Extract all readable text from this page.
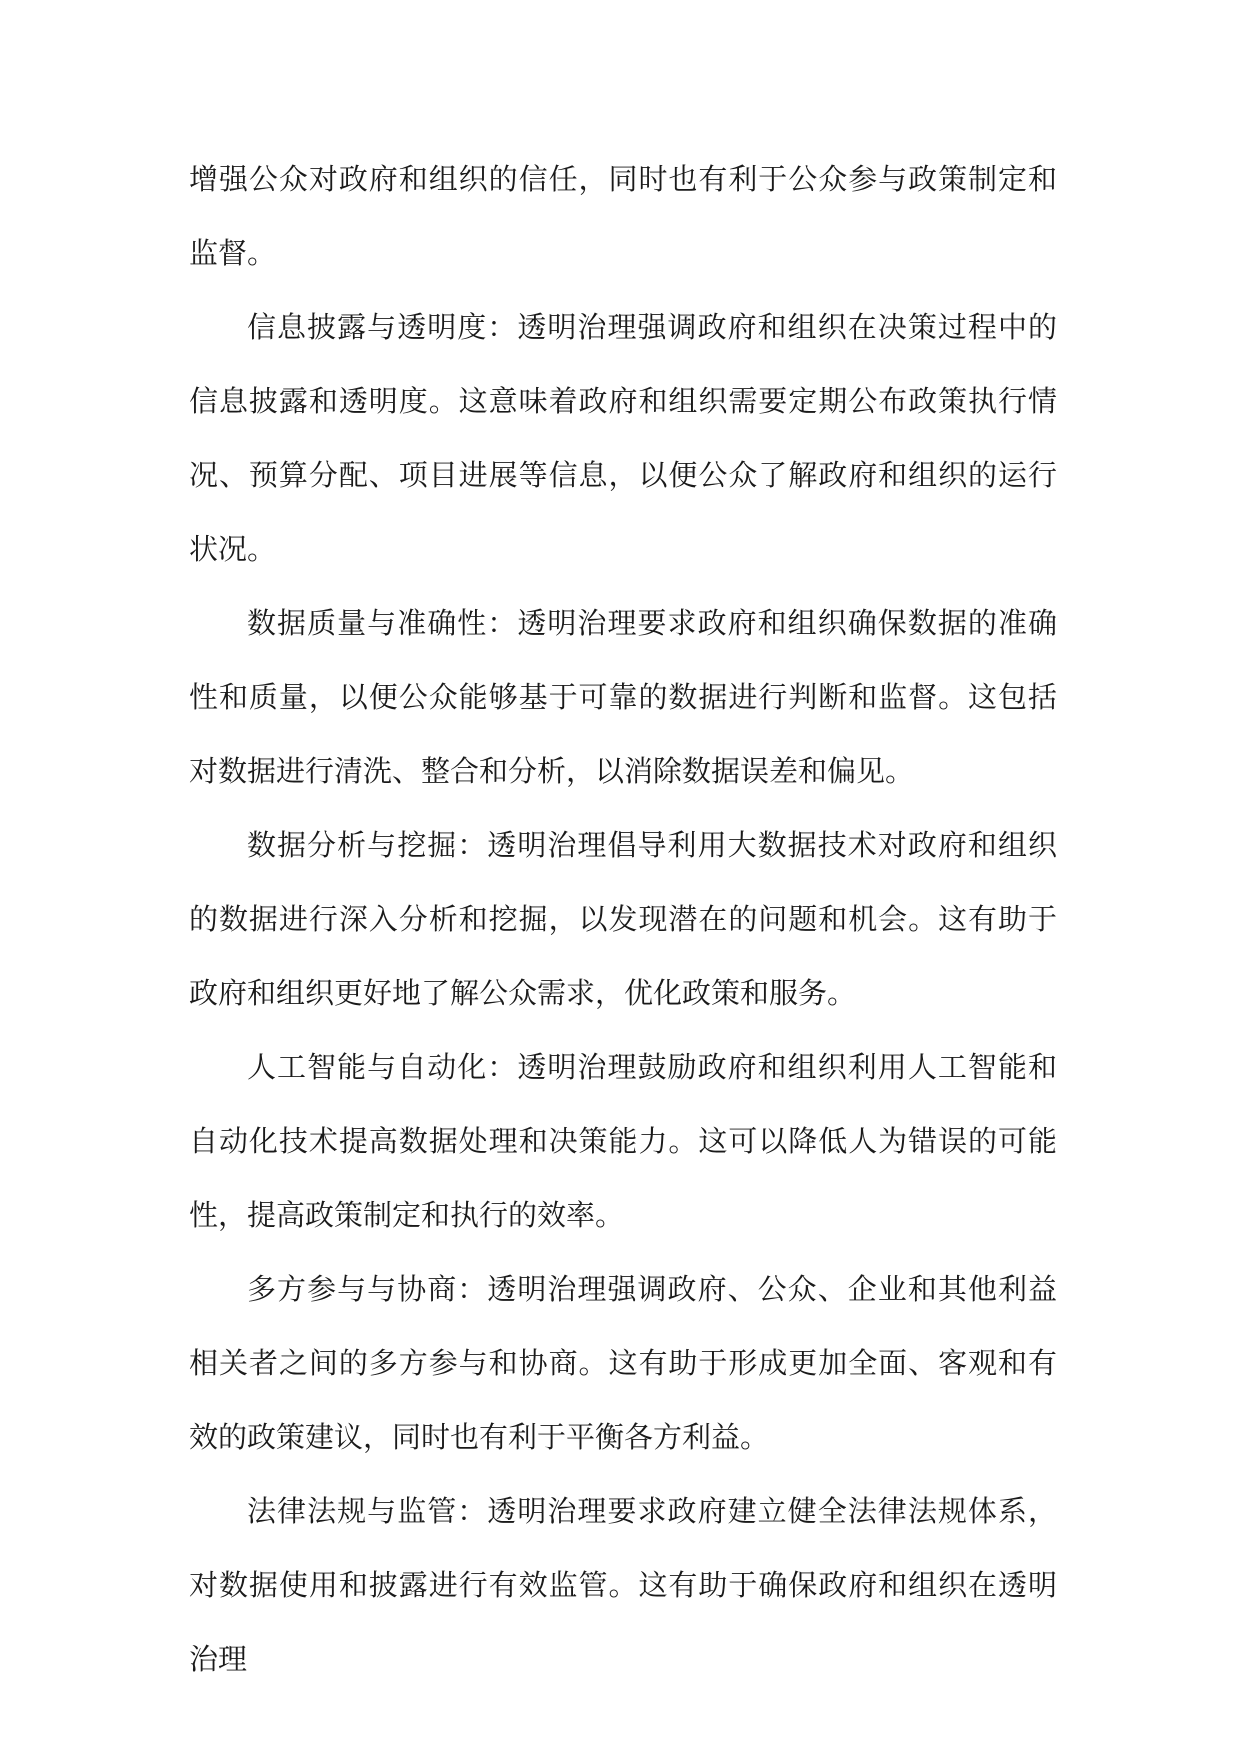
增强公众对政府和组织的信任，同时也有利于公众参与政策制定和监督。

信息披露与透明度：透明治理强调政府和组织在决策过程中的信息披露和透明度。这意味着政府和组织需要定期公布政策执行情况、预算分配、项目进展等信息，以便公众了解政府和组织的运行状况。

数据质量与准确性：透明治理要求政府和组织确保数据的准确性和质量，以便公众能够基于可靠的数据进行判断和监督。这包括对数据进行清洗、整合和分析，以消除数据误差和偏见。

数据分析与挖掘：透明治理倡导利用大数据技术对政府和组织的数据进行深入分析和挖掘，以发现潜在的问题和机会。这有助于政府和组织更好地了解公众需求，优化政策和服务。

人工智能与自动化：透明治理鼓励政府和组织利用人工智能和自动化技术提高数据处理和决策能力。这可以降低人为错误的可能性，提高政策制定和执行的效率。

多方参与与协商：透明治理强调政府、公众、企业和其他利益相关者之间的多方参与和协商。这有助于形成更加全面、客观和有效的政策建议，同时也有利于平衡各方利益。

法律法规与监管：透明治理要求政府建立健全法律法规体系，对数据使用和披露进行有效监管。这有助于确保政府和组织在透明治理
